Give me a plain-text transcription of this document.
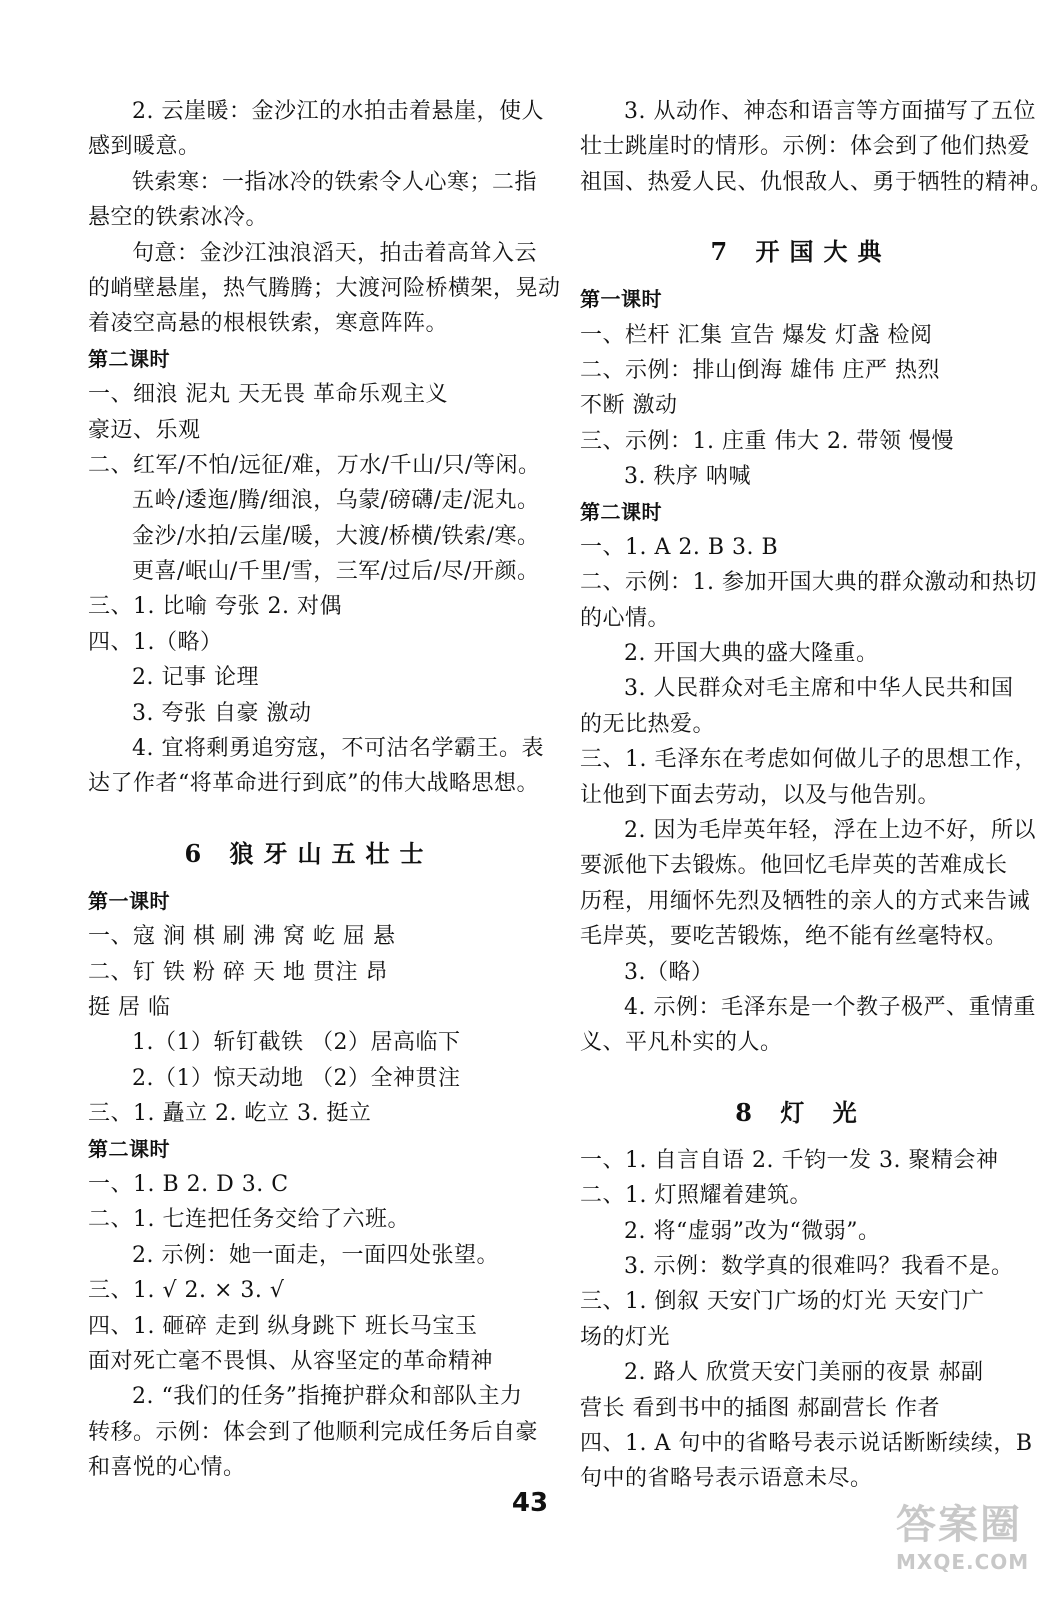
2. 云崖暖：金沙江的水拍击着悬崖，使人
感到暖意。
铁索寒：一指冰冷的铁索令人心寒；二指
悬空的铁索冰冷。
句意：金沙江浊浪滔天，拍击着高耸入云
的峭壁悬崖，热气腾腾；大渡河险桥横架，晃动
着凌空高悬的根根铁索，寒意阵阵。
第二课时
一、细浪 泥丸 天无畏 革命乐观主义
豪迈、乐观
二、红军/不怕/远征/难，万水/千山/只/等闲。
五岭/逶迤/腾/细浪，乌蒙/磅礴/走/泥丸。
金沙/水拍/云崖/暖，大渡/桥横/铁索/寒。
更喜/岷山/千里/雪，三军/过后/尽/开颜。
三、1. 比喻 夸张 2. 对偶
四、1.（略）
2. 记事 论理
3. 夸张 自豪 激动
4. 宜将剩勇追穷寇，不可沽名学霸王。表
达了作者“将革命进行到底”的伟大战略思想。
6 狼牙山五壮士
第一课时
一、寇 涧 棋 刷 沸 窝 屹 屈 悬
二、钉 铁 粉 碎 天 地 贯注 昂
挺 居 临
1.（1）斩钉截铁 （2）居高临下
2.（1）惊天动地 （2）全神贯注
三、1. 矗立 2. 屹立 3. 挺立
第二课时
一、1. B 2. D 3. C
二、1. 七连把任务交给了六班。
2. 示例：她一面走，一面四处张望。
三、1. √ 2. × 3. √
四、1. 砸碎 走到 纵身跳下 班长马宝玉
面对死亡毫不畏惧、从容坚定的革命精神
2. “我们的任务”指掩护群众和部队主力
转移。示例：体会到了他顺利完成任务后自豪
和喜悦的心情。
3. 从动作、神态和语言等方面描写了五位
壮士跳崖时的情形。示例：体会到了他们热爱
祖国、热爱人民、仇恨敌人、勇于牺牲的精神。
7 开国大典
第一课时
一、栏杆 汇集 宣告 爆发 灯盏 检阅
二、示例：排山倒海 雄伟 庄严 热烈
不断 激动
三、示例：1. 庄重 伟大 2. 带领 慢慢
3. 秩序 呐喊
第二课时
一、1. A 2. B 3. B
二、示例：1. 参加开国大典的群众激动和热切
的心情。
2. 开国大典的盛大隆重。
3. 人民群众对毛主席和中华人民共和国
的无比热爱。
三、1. 毛泽东在考虑如何做儿子的思想工作，
让他到下面去劳动，以及与他告别。
2. 因为毛岸英年轻，浮在上边不好，所以
要派他下去锻炼。他回忆毛岸英的苦难成长
历程，用缅怀先烈及牺牲的亲人的方式来告诫
毛岸英，要吃苦锻炼，绝不能有丝毫特权。
3.（略）
4. 示例：毛泽东是一个教子极严、重情重
义、平凡朴实的人。
8 灯 光
一、1. 自言自语 2. 千钧一发 3. 聚精会神
二、1. 灯照耀着建筑。
2. 将“虚弱”改为“微弱”。
3. 示例：数学真的很难吗？我看不是。
三、1. 倒叙 天安门广场的灯光 天安门广
场的灯光
2. 路人 欣赏天安门美丽的夜景 郝副
营长 看到书中的插图 郝副营长 作者
四、1. A 句中的省略号表示说话断断续续，B
句中的省略号表示语意未尽。
43	答案圈
MXQE.COM
